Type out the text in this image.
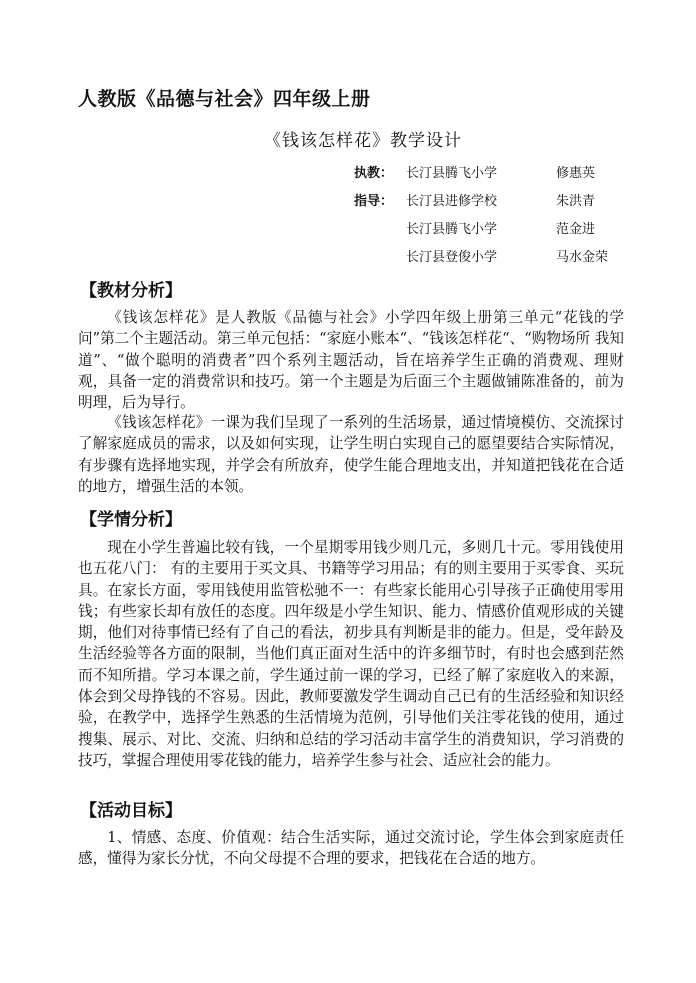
人教版《品德与社会》四年级上册
《钱该怎样花》教学设计
执教： 长汀县腾飞小学	修惠英
指导： 长汀县进修学校	朱洪青
长汀县腾飞小学	范金进
长汀县登俊小学	马水金荣
【教材分析】

《钱该怎样花》是人教版《品德与社会》小学四年级上册第三单元“花钱的学问”第二个主题活动。第三单元包括：“家庭小账本“、“钱该怎样花“、“购物场所 我知道”、“做个聪明的消费者”四个系列主题活动，旨在培养学生正确的消费观、理财观，具备一定的消费常识和技巧。第一个主题是为后面三个主题做铺陈准备的，前为明理，后为导行。

《钱该怎样花》一课为我们呈现了一系列的生活场景，通过情境模仿、交流探讨了解家庭成员的需求，以及如何实现，让学生明白实现自己的愿望要结合实际情况，有步骤有选择地实现，并学会有所放弃，使学生能合理地支出，并知道把钱花在合适的地方，增强生活的本领。

【学情分析】

现在小学生普遍比较有钱，一个星期零用钱少则几元，多则几十元。零用钱使用也五花八门： 有的主要用于买文具、书籍等学习用品；有的则主要用于买零食、买玩具。在家长方面，零用钱使用监管松驰不一：有些家长能用心引导孩子正确使用零用钱；有些家长却有放任的态度。四年级是小学生知识、能力、情感价值观形成的关键期，他们对待事情已经有了自己的看法，初步具有判断是非的能力。但是，受年龄及生活经验等各方面的限制，当他们真正面对生活中的许多细节时，有时也会感到茫然而不知所措。学习本课之前，学生通过前一课的学习，已经了解了家庭收入的来源，体会到父母挣钱的不容易。因此，教师要激发学生调动自己已有的生活经验和知识经验，在教学中，选择学生熟悉的生活情境为范例，引导他们关注零花钱的使用，通过搜集、展示、对比、交流、归纳和总结的学习活动丰富学生的消费知识，学习消费的技巧，掌握合理使用零花钱的能力，培养学生参与社会、适应社会的能力。

【活动目标】

1、情感、态度、价值观：结合生活实际，通过交流讨论，学生体会到家庭责任感，懂得为家长分忧，不向父母提不合理的要求，把钱花在合适的地方。
